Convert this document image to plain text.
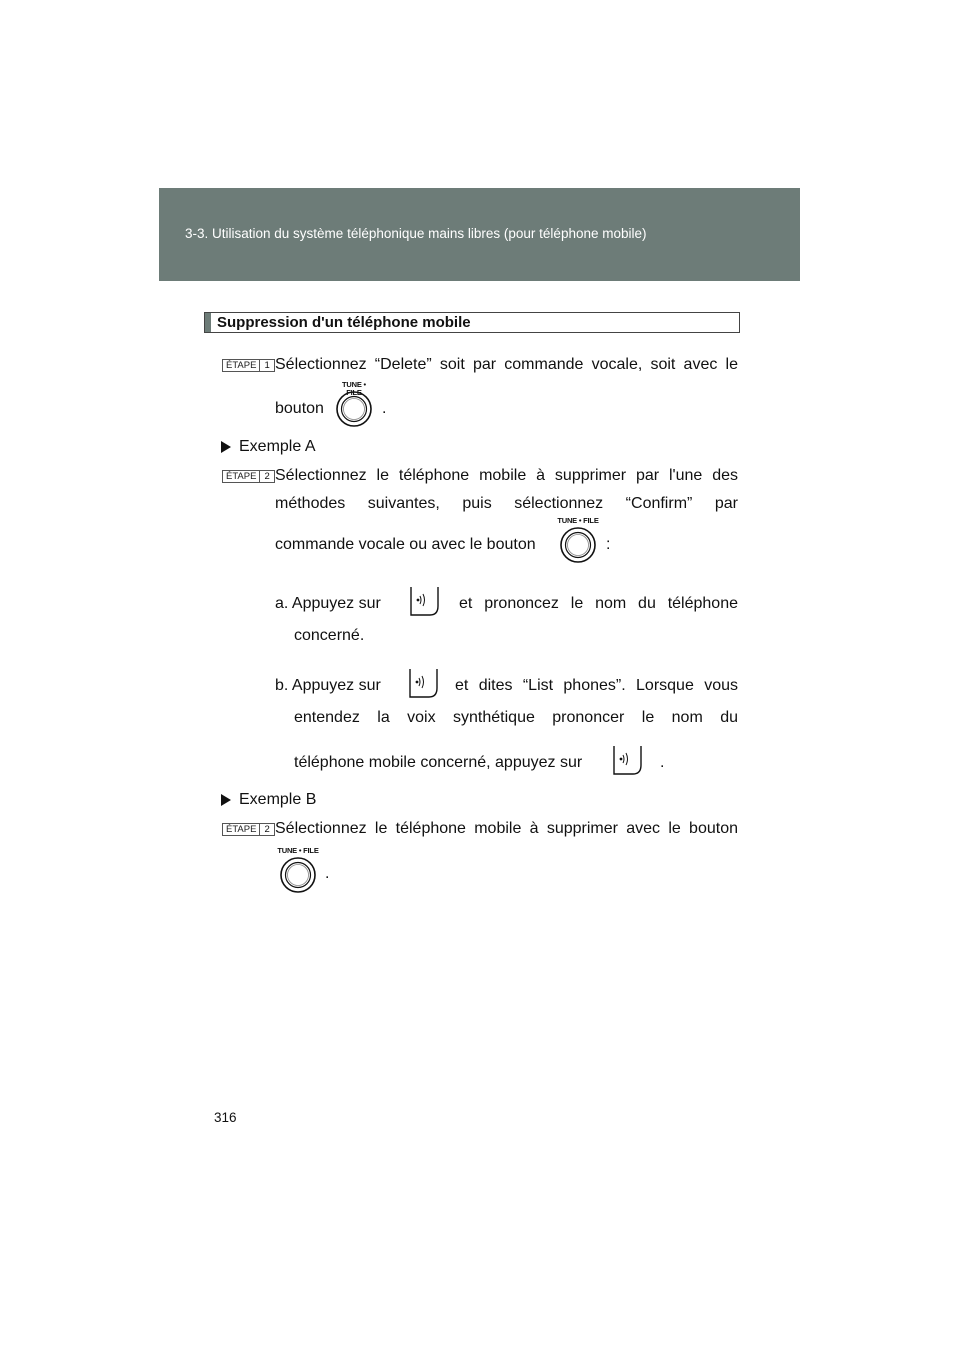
3-3. Utilisation du système téléphonique mains libres (pour téléphone mobile)
Suppression d'un téléphone mobile
ÉTAPE 1 Sélectionnez “Delete” soit par commande vocale, soit avec le
bouton
TUNE • FILE
.
Exemple A
ÉTAPE 2 Sélectionnez le téléphone mobile à supprimer par l'une des
méthodes suivantes, puis sélectionnez “Confirm” par
commande vocale ou avec le bouton
TUNE • FILE
:
a. Appuyez sur	et prononcez le nom du téléphone
concerné.
b. Appuyez sur	et dites “List phones”. Lorsque vous
entendez la voix synthétique prononcer le nom du
téléphone mobile concerné, appuyez sur	.
Exemple B
ÉTAPE 2 Sélectionnez le téléphone mobile à supprimer avec le bouton
TUNE • FILE
.
316
